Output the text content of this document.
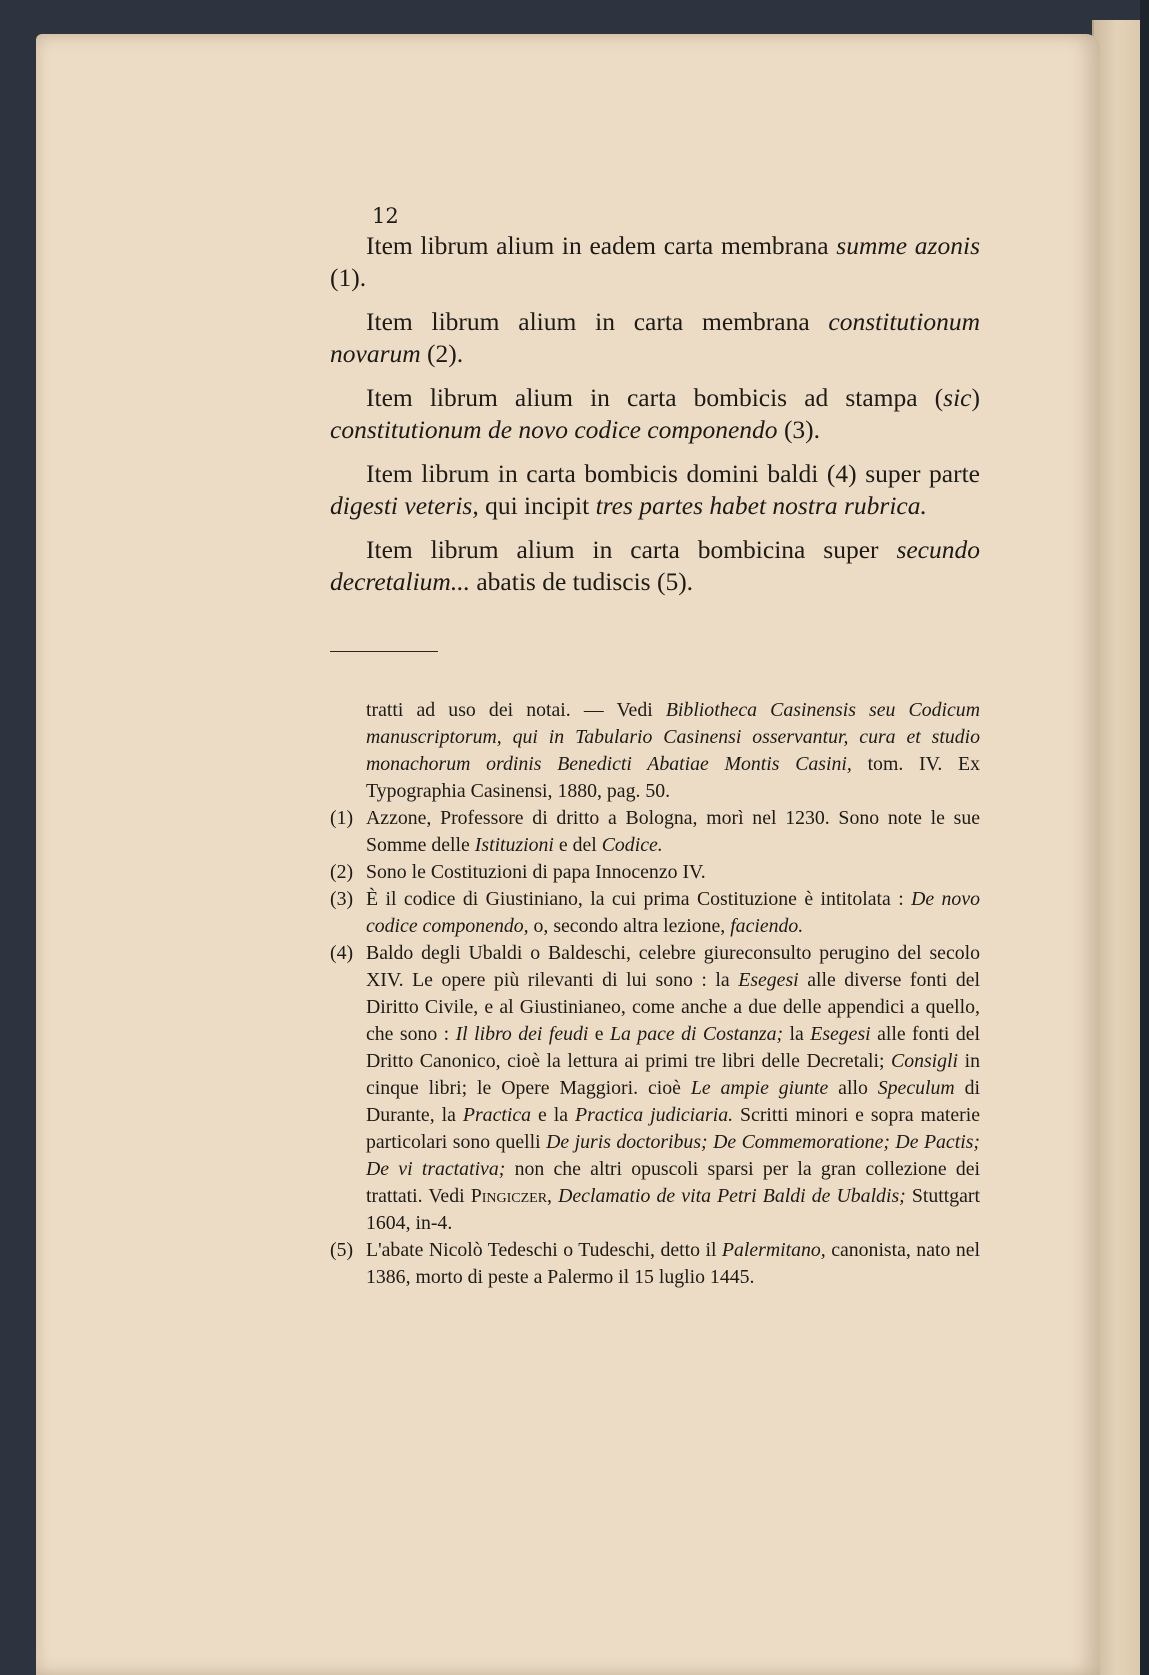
12

Item librum alium in eadem carta membrana summe azonis (1).

Item librum alium in carta membrana constitutionum novarum (2).

Item librum alium in carta bombicis ad stampa (sic) constitutionum de novo codice componendo (3).

Item librum in carta bombicis domini baldi (4) super parte digesti veteris, qui incipit tres partes habet nostra rubrica.

Item librum alium in carta bombicina super secundo decretalium... abatis de tudiscis (5).

tratti ad uso dei notai. — Vedi Bibliotheca Casinensis seu Codicum manuscriptorum, qui in Tabulario Casinensi osservantur, cura et studio monachorum ordinis Benedicti Abatiae Montis Casini, tom. IV. Ex Typographia Casinensi, 1880, pag. 50.

(1) Azzone, Professore di dritto a Bologna, morì nel 1230. Sono note le sue Somme delle Istituzioni e del Codice.

(2) Sono le Costituzioni di papa Innocenzo IV.

(3) È il codice di Giustiniano, la cui prima Costituzione è intitolata : De novo codice componendo, o, secondo altra lezione, faciendo.

(4) Baldo degli Ubaldi o Baldeschi, celebre giureconsulto perugino del secolo XIV. Le opere più rilevanti di lui sono : la Esegesi alle diverse fonti del Diritto Civile, e al Giustinianeo, come anche a due delle appendici a quello, che sono : Il libro dei feudi e La pace di Costanza; la Esegesi alle fonti del Dritto Canonico, cioè la lettura ai primi tre libri delle Decretali; Consigli in cinque libri; le Opere Maggiori. cioè Le ampie giunte allo Speculum di Durante, la Practica e la Practica judiciaria. Scritti minori e sopra materie particolari sono quelli De juris doctoribus; De Commemoratione; De Pactis; De vi tractativa; non che altri opuscoli sparsi per la gran collezione dei trattati. Vedi Pingiczer, Declamatio de vita Petri Baldi de Ubaldis; Stuttgart 1604, in-4.

(5) L'abate Nicolò Tedeschi o Tudeschi, detto il Palermitano, canonista, nato nel 1386, morto di peste a Palermo il 15 luglio 1445.
